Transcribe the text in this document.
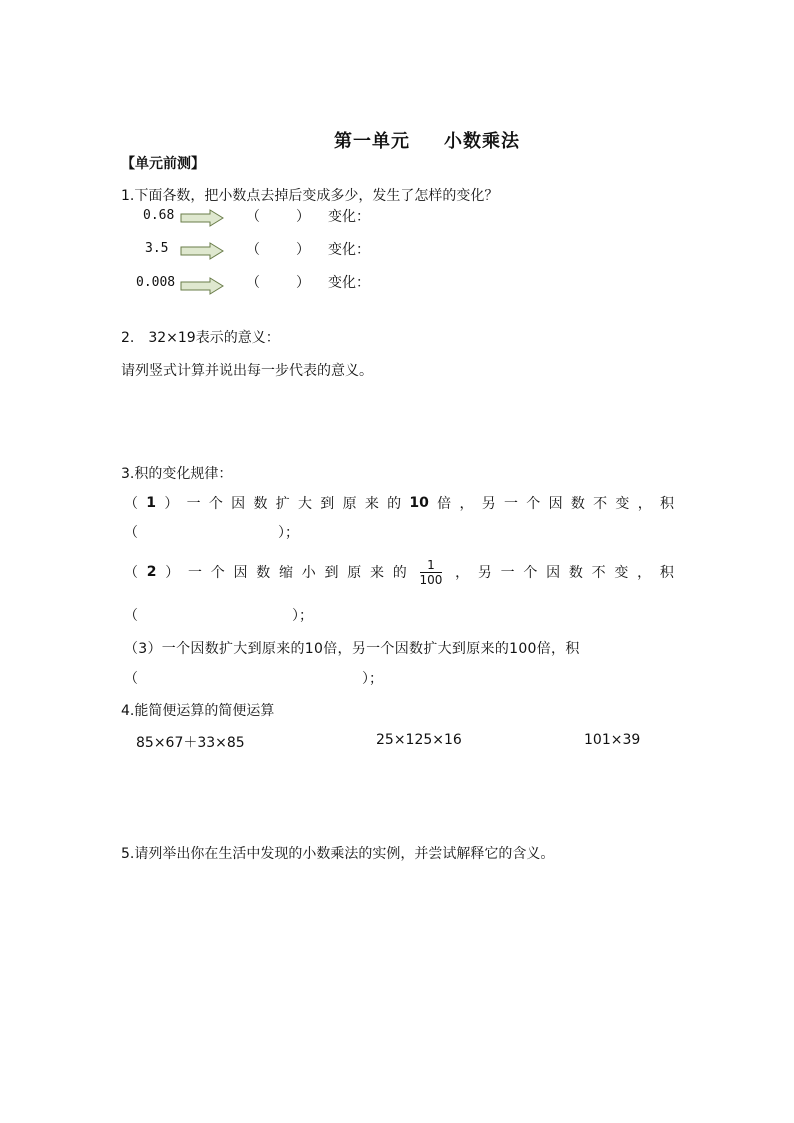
第一单元 小数乘法
【单元前测】
1.下面各数，把小数点去掉后变成多少，发生了怎样的变化？
0.68	（	） 变化：
3.5	（	） 变化：
0.008	（	） 变化：
2.　32×19表示的意义：
请列竖式计算并说出每一步代表的意义。
3.积的变化规律：
（ 1 ） 一 个 因 数 扩 大 到 原 来 的 10 倍 ， 另 一 个 因 数 不 变 ， 积
（　　　　　　　　　　）；
（ 2 ） 一 个 因 数 缩 小 到 原 来 的 $\frac{1}{100}$ ， 另 一 个 因 数 不 变 ， 积
（　　　　　　　　　　　）；
（3）一个因数扩大到原来的10倍，另一个因数扩大到原来的100倍，积
（　　　　　　　　　　　　　　　　）；
4.能简便运算的简便运算
85×67＋33×85	25×125×16	101×39
5.请列举出你在生活中发现的小数乘法的实例，并尝试解释它的含义。
